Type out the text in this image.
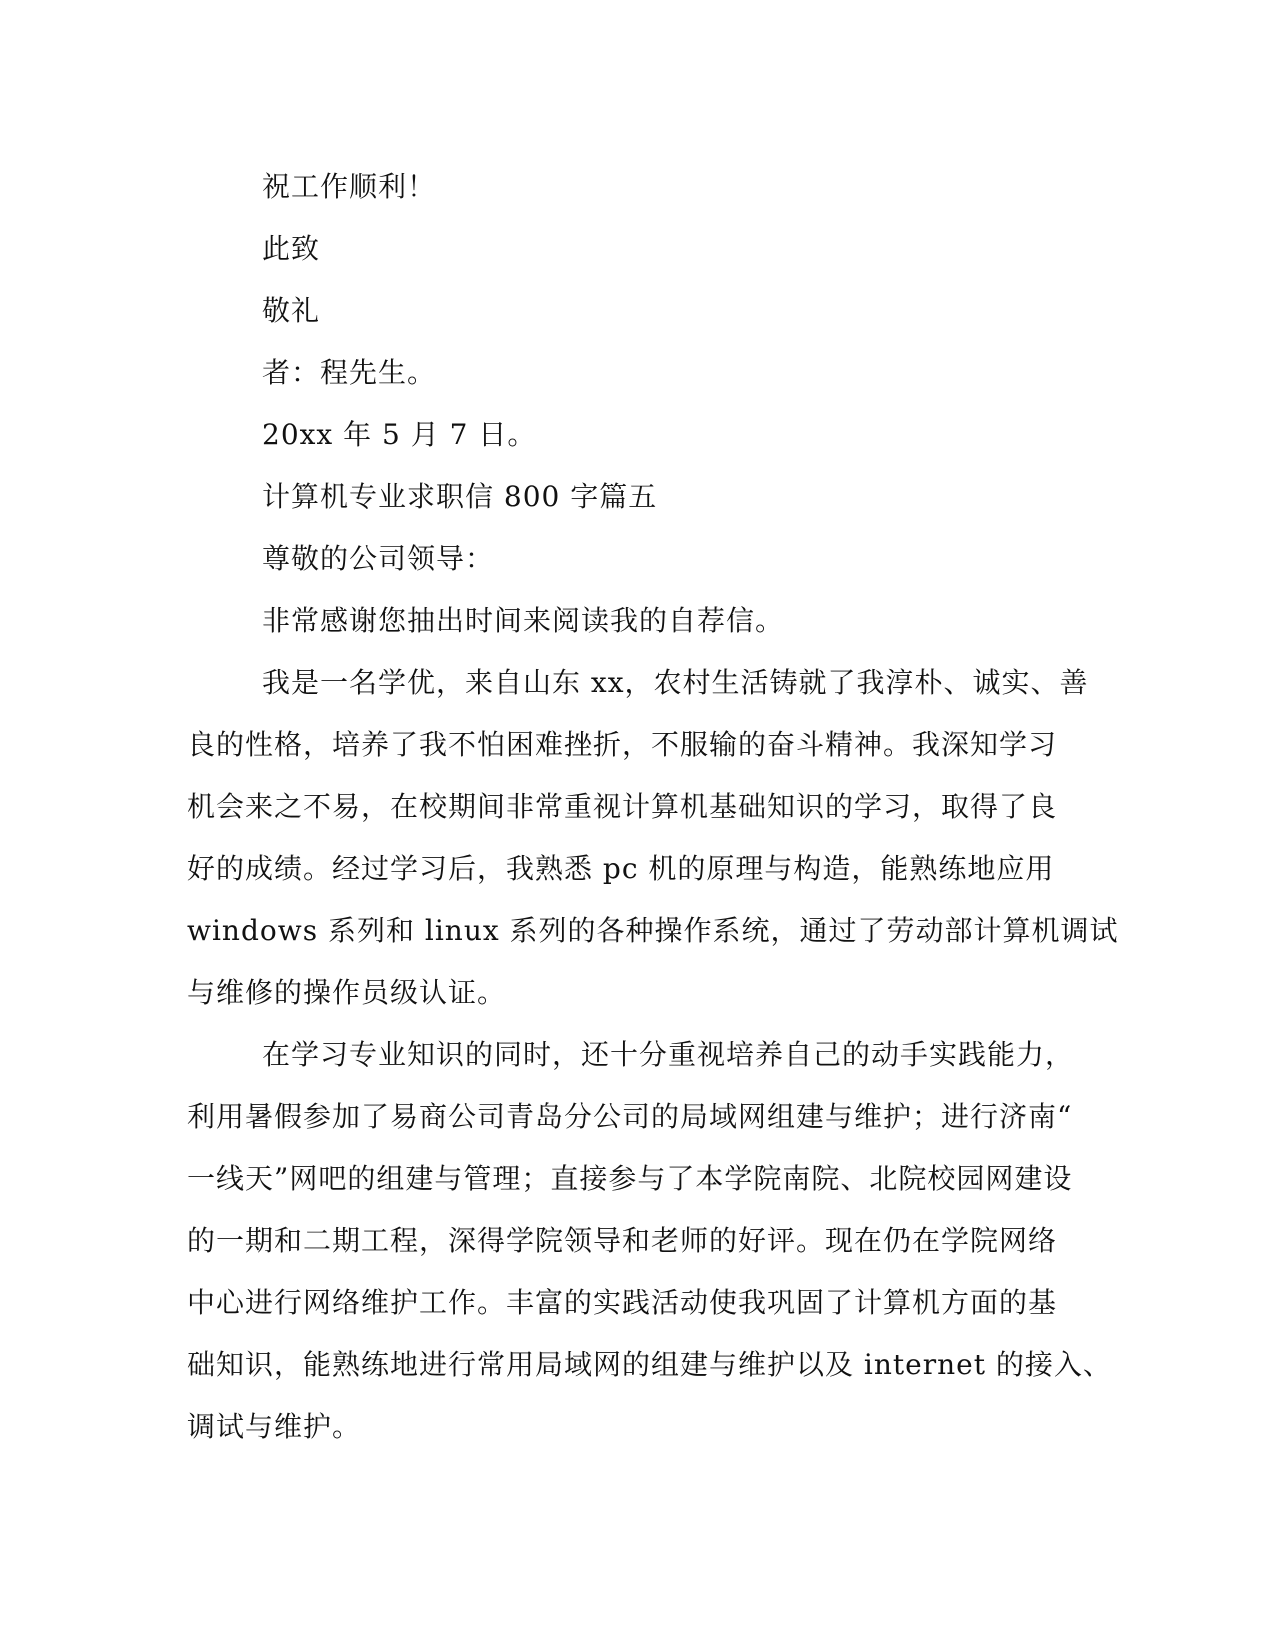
祝工作顺利！
此致
敬礼
者：程先生。
20xx 年 5 月 7 日。
计算机专业求职信 800 字篇五
尊敬的公司领导：
非常感谢您抽出时间来阅读我的自荐信。
我是一名学优，来自山东 xx，农村生活铸就了我淳朴、诚实、善
良的性格，培养了我不怕困难挫折，不服输的奋斗精神。我深知学习
机会来之不易，在校期间非常重视计算机基础知识的学习，取得了良
好的成绩。经过学习后，我熟悉 pc 机的原理与构造，能熟练地应用
windows 系列和 linux 系列的各种操作系统，通过了劳动部计算机调试
与维修的操作员级认证。
在学习专业知识的同时，还十分重视培养自己的动手实践能力，
利用暑假参加了易商公司青岛分公司的局域网组建与维护；进行济南“
一线天”网吧的组建与管理；直接参与了本学院南院、北院校园网建设
的一期和二期工程，深得学院领导和老师的好评。现在仍在学院网络
中心进行网络维护工作。丰富的实践活动使我巩固了计算机方面的基
础知识，能熟练地进行常用局域网的组建与维护以及 internet 的接入、
调试与维护。
